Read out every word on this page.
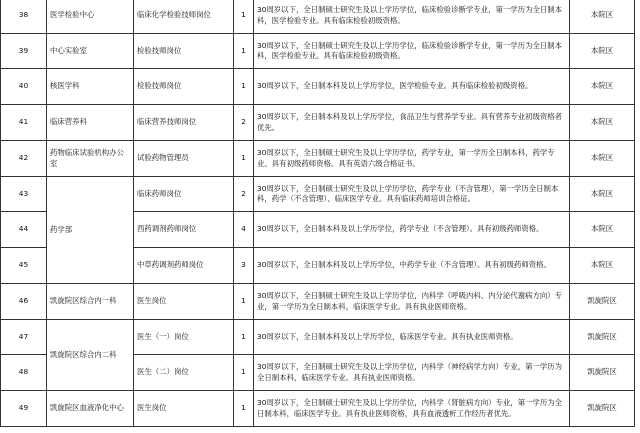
38	医学检验中心	临床化学检验技师岗位	1	30周岁以下，全日制硕士研究生及以上学历学位，临床检验诊断学专业，第一学历为全日制本科，医学检验专业。具有临床检验初级资格。	本院区
39	中心实验室	检验技师岗位	1	30周岁以下，全日制硕士研究生及以上学历学位，临床检验诊断学专业，第一学历为全日制本科，医学检验专业。具有临床检验初级资格。	本院区
40	核医学科	检验技师岗位	1	30周岁以下，全日制本科及以上学历学位，医学检验专业。具有临床检验初级资格。	本院区
41	临床营养科	临床营养技师岗位	2	30周岁以下，全日制本科及以上学历学位，食品卫生与营养学专业。具有营养专业初级资格者优先。	本院区
42	药物临床试验机构办公室	试验药物管理员	1	30周岁以下，全日制硕士研究生及以上学历学位，药学专业，第一学历全日制本科，药学专业。具有初级药师资格。具有英语六级合格证书。	本院区
43	药学部	临床药师岗位	2	30周岁以下，全日制硕士研究生及以上学历学位，药学专业（不含管理），第一学历全日制本科，药学（不含管理）、临床医学专业。具有临床药师培训合格证。	本院区
44		西药调剂药师岗位	4	30周岁以下，全日制本科及以上学历学位，药学专业（不含管理）。具有初级药师资格。	本院区
45		中草药调剂药师岗位	3	30周岁以下，全日制本科及以上学历学位，中药学专业（不含管理）。具有初级药师资格。	本院区
46	凯旋院区综合内一科	医生岗位	1	30周岁以下，全日制硕士研究生及以上学历学位，内科学（呼吸内科、内分泌代谢病方向）专业，第一学历为全日制本科，临床医学专业。具有执业医师资格。	凯旋院区
47	凯旋院区综合内二科	医生（一）岗位	1	30周岁以下，全日制本科及以上学历学位，临床医学专业。具有执业医师资格。	凯旋院区
48		医生（二）岗位	1	30周岁以下，全日制硕士研究生及以上学历学位，内科学（神经病学方向）专业，第一学历为全日制本科，临床医学专业。具有执业医师资格。	凯旋院区
49	凯旋院区血液净化中心	医生岗位	1	30周岁以下，全日制硕士研究生及以上学历学位，内科学（肾脏病方向）专业，第一学历为全日制本科，临床医学专业。具有执业医师资格，具有血液透析工作经历者优先。	凯旋院区
